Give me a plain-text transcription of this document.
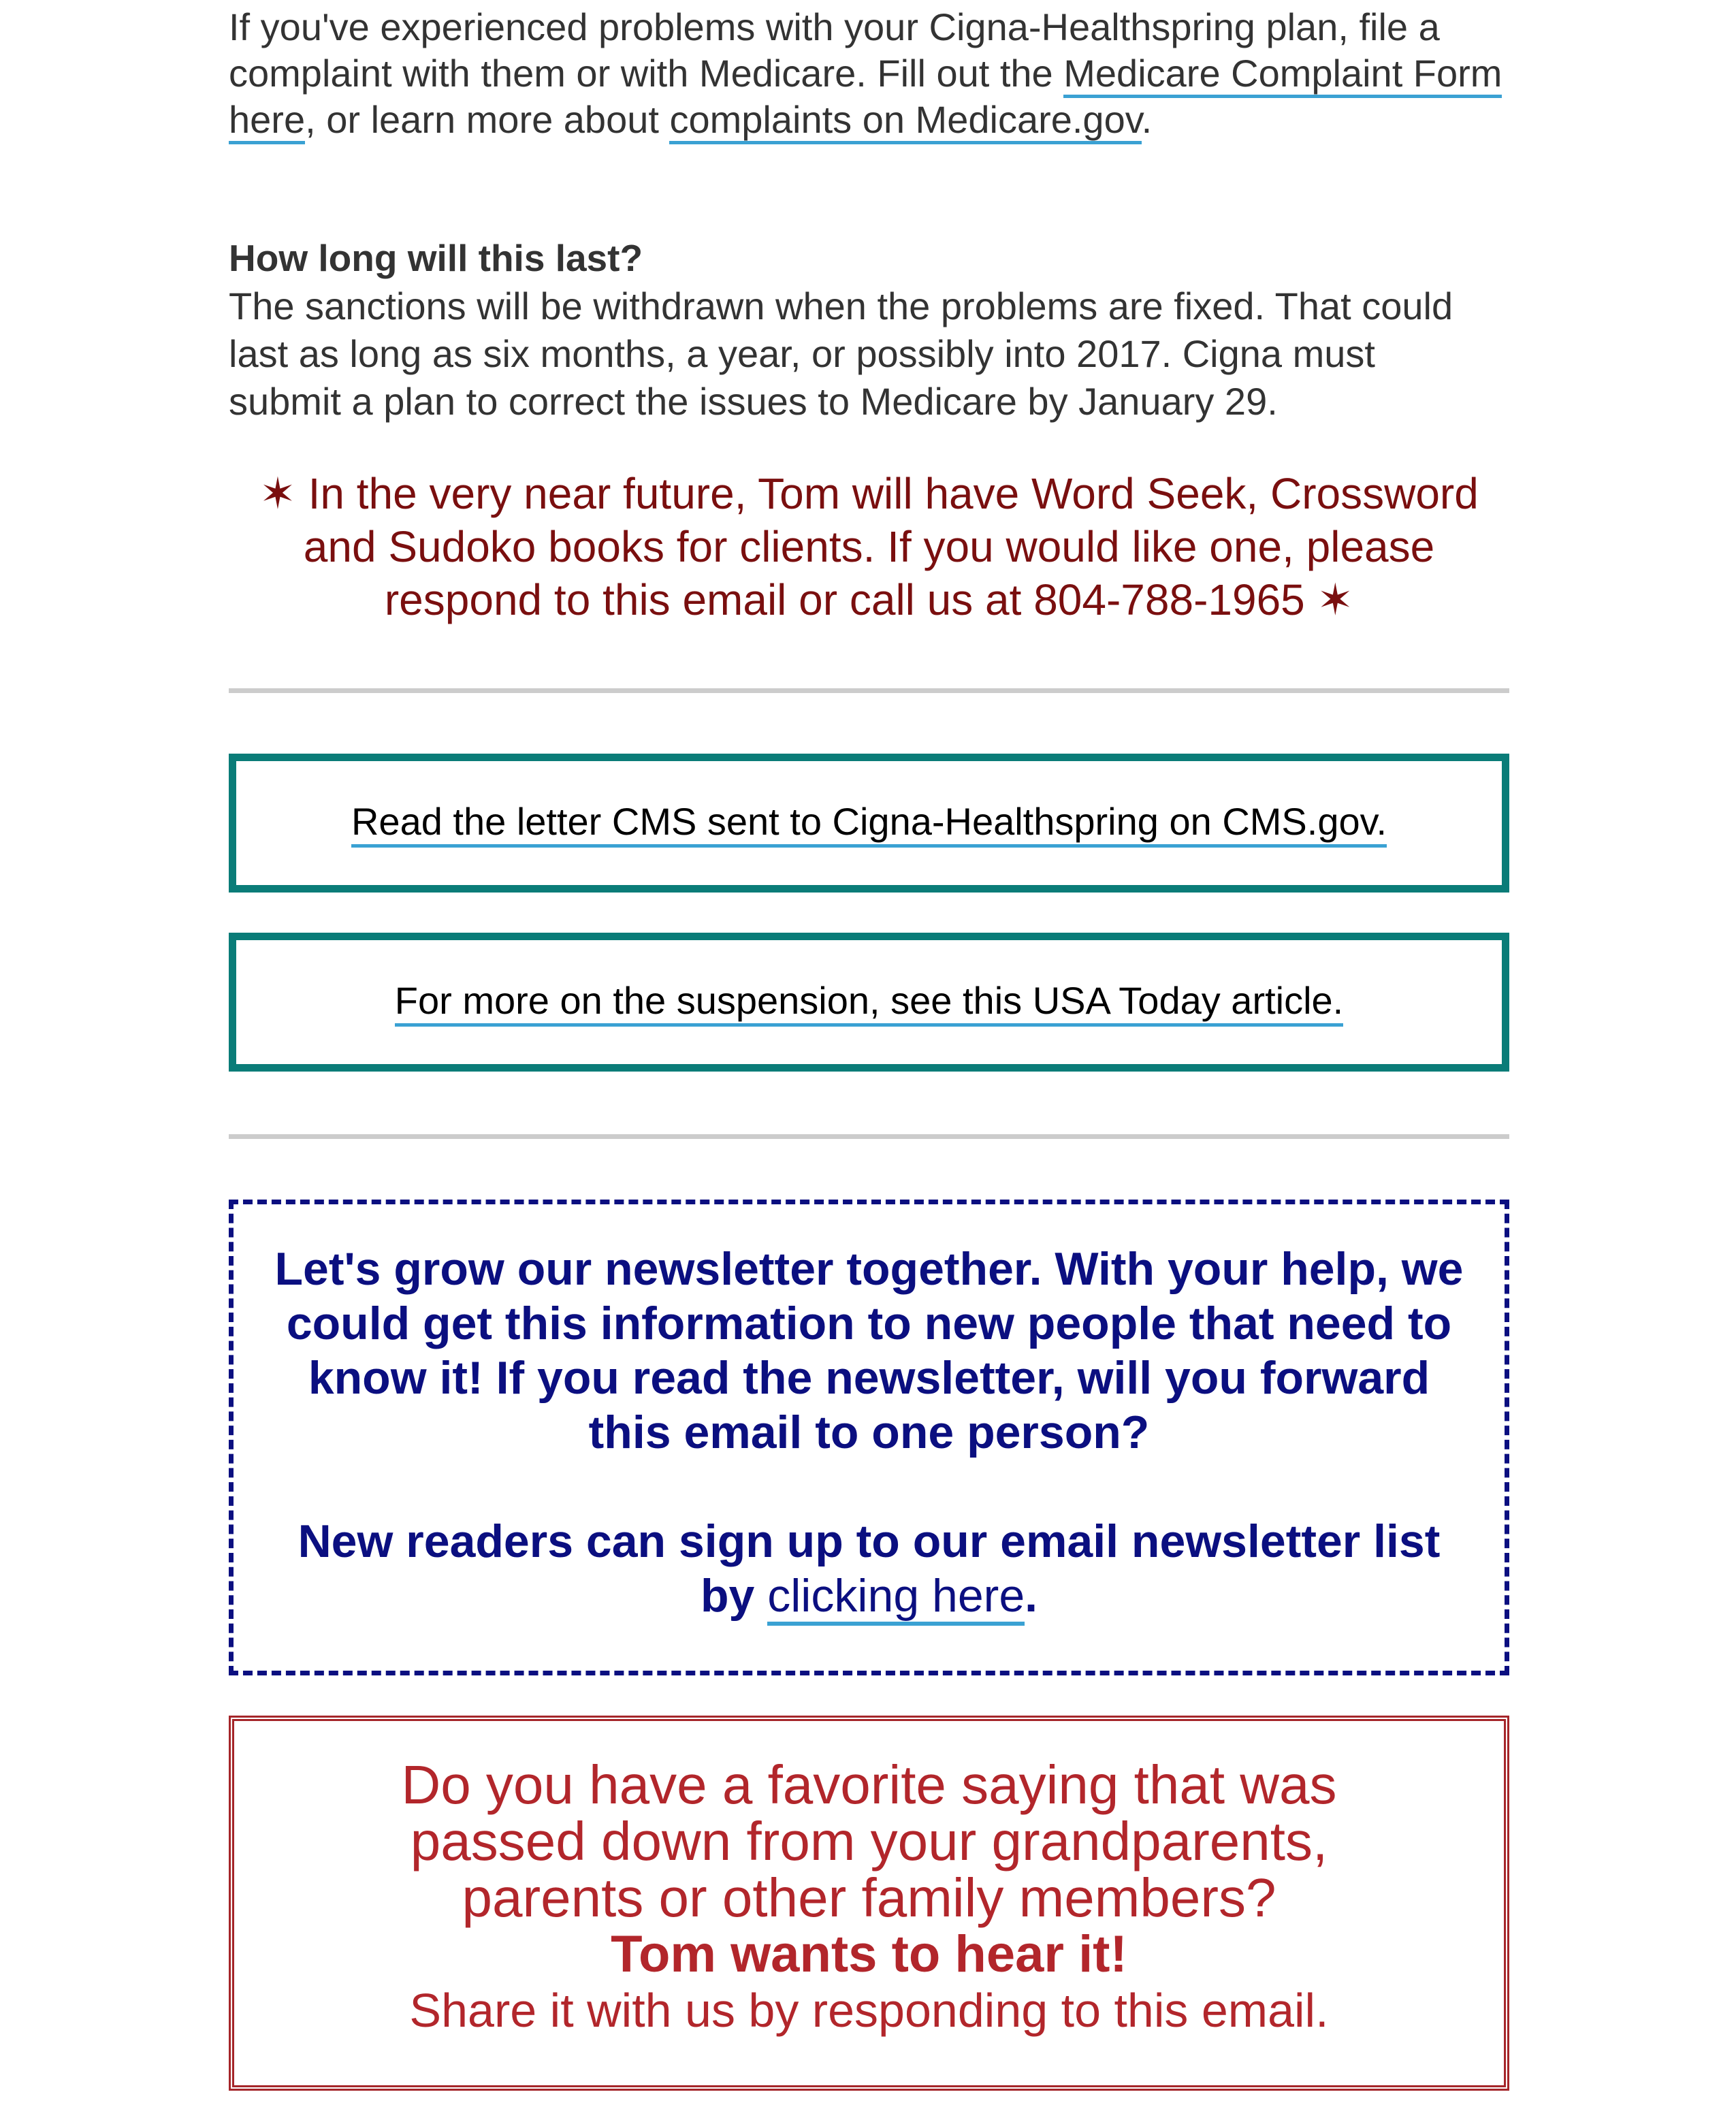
If you've experienced problems with your Cigna-Healthspring plan, file a complaint with them or with Medicare. Fill out the Medicare Complaint Form here, or learn more about complaints on Medicare.gov.

How long will this last?

The sanctions will be withdrawn when the problems are fixed. That could last as long as six months, a year, or possibly into 2017. Cigna must submit a plan to correct the issues to Medicare by January 29.

✶ In the very near future, Tom will have Word Seek, Crossword and Sudoko books for clients. If you would like one, please respond to this email or call us at 804-788-1965 ✶

Read the letter CMS sent to Cigna-Healthspring on CMS.gov.
For more on the suspension, see this USA Today article.

Let's grow our newsletter together. With your help, we could get this information to new people that need to know it! If you read the newsletter, will you forward this email to one person?

New readers can sign up to our email newsletter list by clicking here.

Do you have a favorite saying that was passed down from your grandparents, parents or other family members?

Tom wants to hear it!

Share it with us by responding to this email.
